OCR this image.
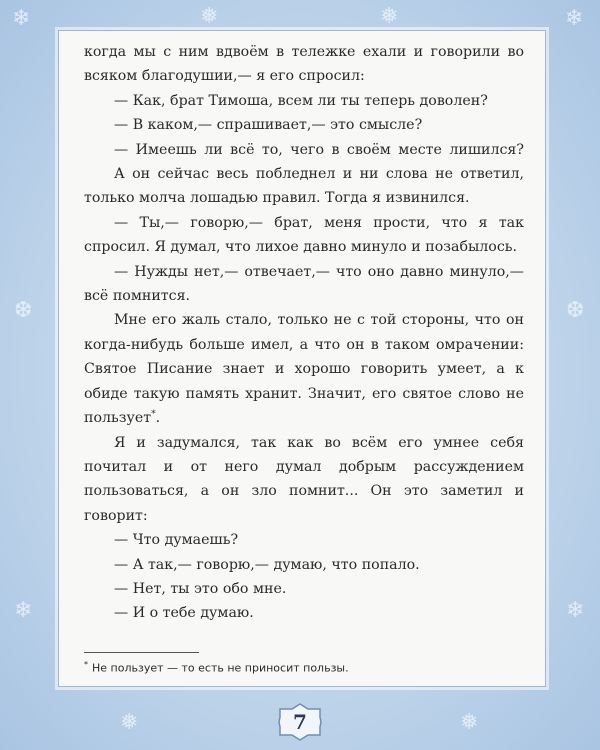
❄	❅	❅	❄
❆	❆
❄	❄
❅	❅

когда мы с ним вдвоём в тележке ехали и говорили во всяком благодушии,— я его спросил:

— Как, брат Тимоша, всем ли ты теперь доволен?

— В каком,— спрашивает,— это смысле?

— Имеешь ли всё то, чего в своём месте лишился?

А он сейчас весь побледнел и ни слова не ответил, только молча лошадью правил. Тогда я извинился.

— Ты,— говорю,— брат, меня прости, что я так спросил. Я думал, что лихое давно минуло и позабылось.

— Нужды нет,— отвечает,— что оно давно минуло,— всё помнится.

Мне его жаль стало, только не с той стороны, что он когда-нибудь больше имел, а что он в таком омрачении: Святое Писание знает и хорошо говорить умеет, а к обиде такую память хранит. Значит, его святое слово не пользует*.

Я и задумался, так как во всём его умнее себя почитал и от него думал добрым рассуждением пользоваться, а он зло помнит... Он это заметил и говорит:

— Что думаешь?

— А так,— говорю,— думаю, что попало.

— Нет, ты это обо мне.

— И о тебе думаю.

* Не пользует — то есть не приносит пользы.
7
